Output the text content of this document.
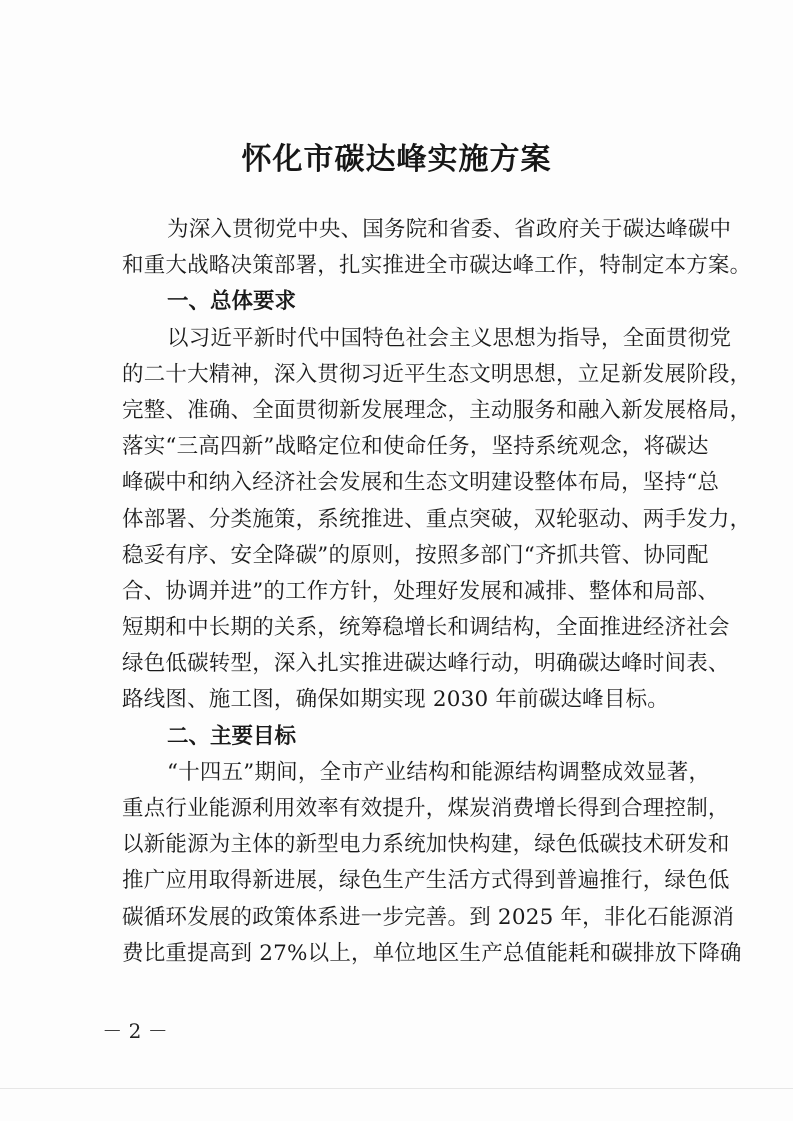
怀化市碳达峰实施方案
为深入贯彻党中央、国务院和省委、省政府关于碳达峰碳中
和重大战略决策部署，扎实推进全市碳达峰工作，特制定本方案。
一、总体要求
以习近平新时代中国特色社会主义思想为指导，全面贯彻党
的二十大精神，深入贯彻习近平生态文明思想，立足新发展阶段，
完整、准确、全面贯彻新发展理念，主动服务和融入新发展格局，
落实“三高四新”战略定位和使命任务，坚持系统观念，将碳达
峰碳中和纳入经济社会发展和生态文明建设整体布局，坚持“总
体部署、分类施策，系统推进、重点突破，双轮驱动、两手发力，
稳妥有序、安全降碳”的原则，按照多部门“齐抓共管、协同配
合、协调并进”的工作方针，处理好发展和减排、整体和局部、
短期和中长期的关系，统筹稳增长和调结构，全面推进经济社会
绿色低碳转型，深入扎实推进碳达峰行动，明确碳达峰时间表、
路线图、施工图，确保如期实现 2030 年前碳达峰目标。
二、主要目标
“十四五”期间，全市产业结构和能源结构调整成效显著，
重点行业能源利用效率有效提升，煤炭消费增长得到合理控制，
以新能源为主体的新型电力系统加快构建，绿色低碳技术研发和
推广应用取得新进展，绿色生产生活方式得到普遍推行，绿色低
碳循环发展的政策体系进一步完善。到 2025 年，非化石能源消
费比重提高到 27%以上，单位地区生产总值能耗和碳排放下降确
－ 2 －
